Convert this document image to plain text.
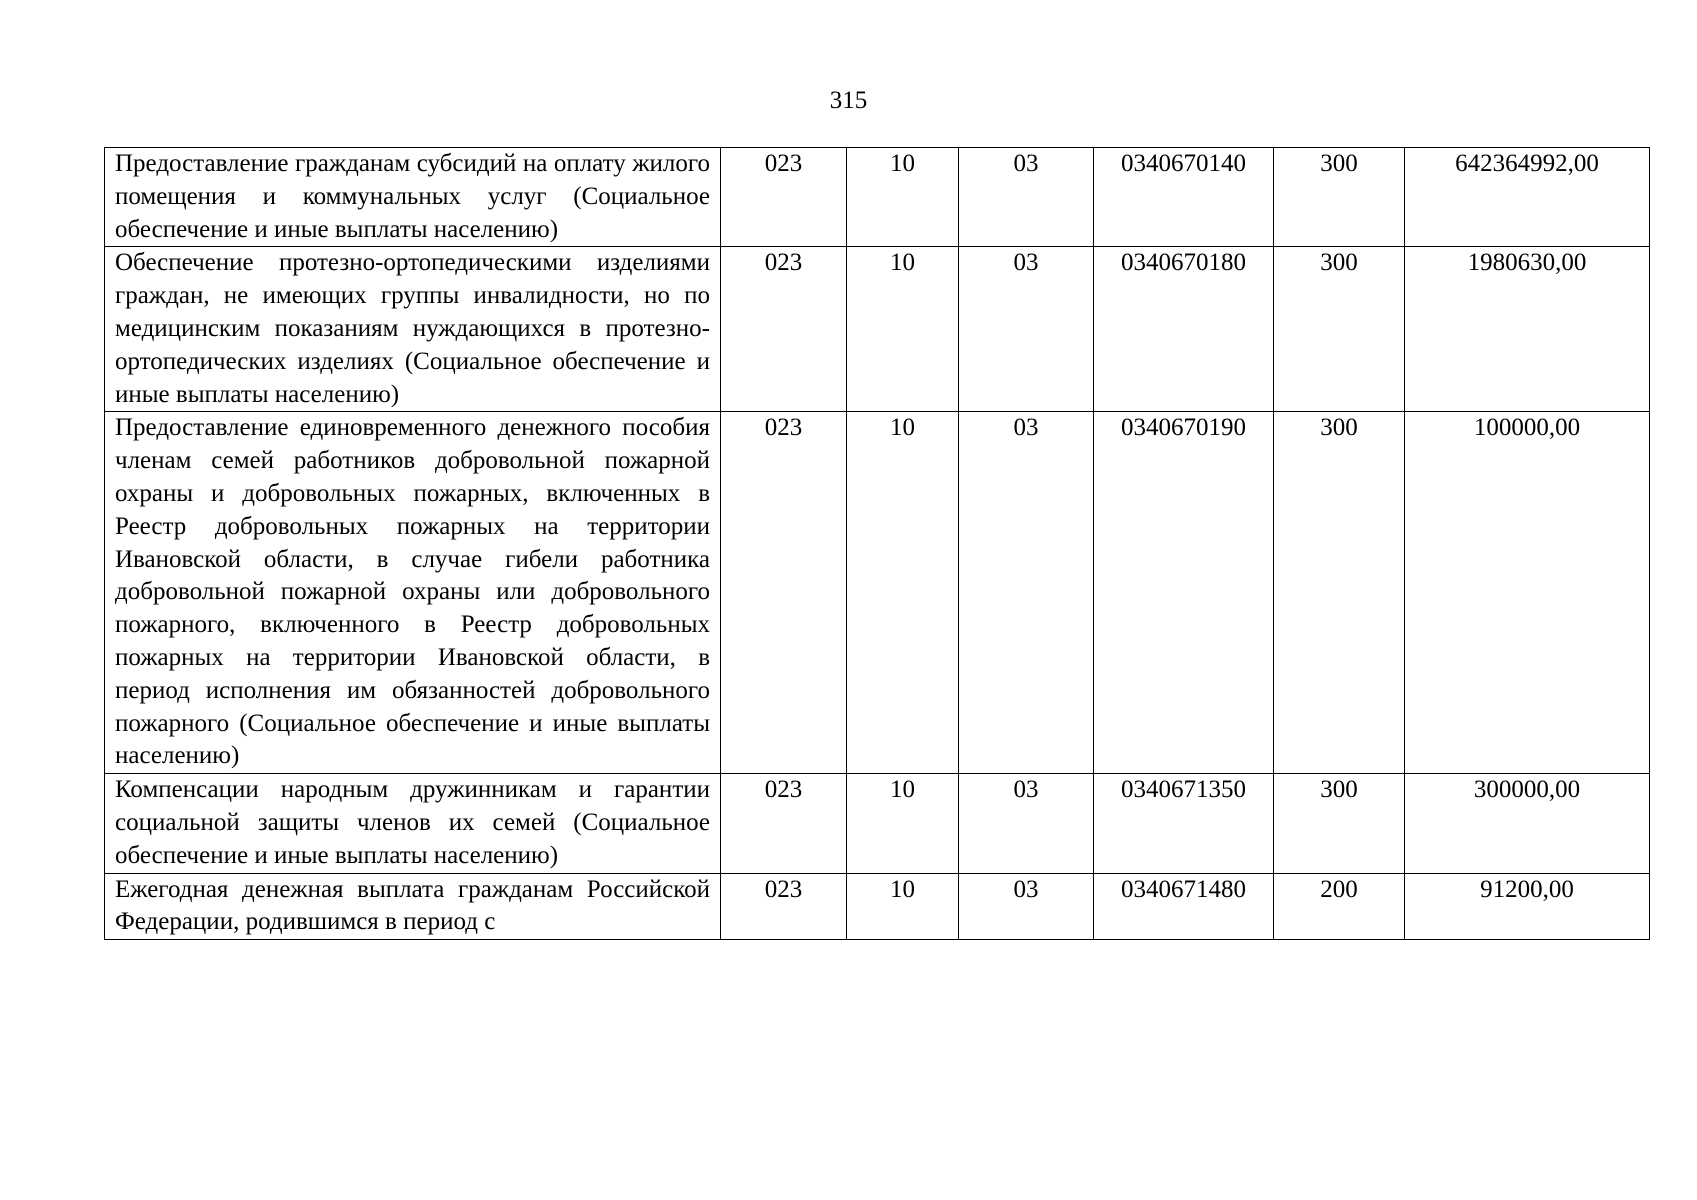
315
Предоставление гражданам субсидий на оплату жилого помещения и коммунальных услуг (Социальное обеспечение и иные выплаты населению)	023	10	03	0340670140	300	642364992,00
Обеспечение протезно-ортопедическими изделиями граждан, не имеющих группы инвалидности, но по медицинским показаниям нуждающихся в протезно-ортопедических изделиях (Социальное обеспечение и иные выплаты населению)	023	10	03	0340670180	300	1980630,00
Предоставление единовременного денежного пособия членам семей работников добровольной пожарной охраны и добровольных пожарных, включенных в Реестр добровольных пожарных на территории Ивановской области, в случае гибели работника добровольной пожарной охраны или добровольного пожарного, включенного в Реестр добровольных пожарных на территории Ивановской области, в период исполнения им обязанностей добровольного пожарного (Социальное обеспечение и иные выплаты населению)	023	10	03	0340670190	300	100000,00
Компенсации народным дружинникам и гарантии социальной защиты членов их семей (Социальное обеспечение и иные выплаты населению)	023	10	03	0340671350	300	300000,00
Ежегодная денежная выплата гражданам Российской Федерации, родившимся в период с	023	10	03	0340671480	200	91200,00
